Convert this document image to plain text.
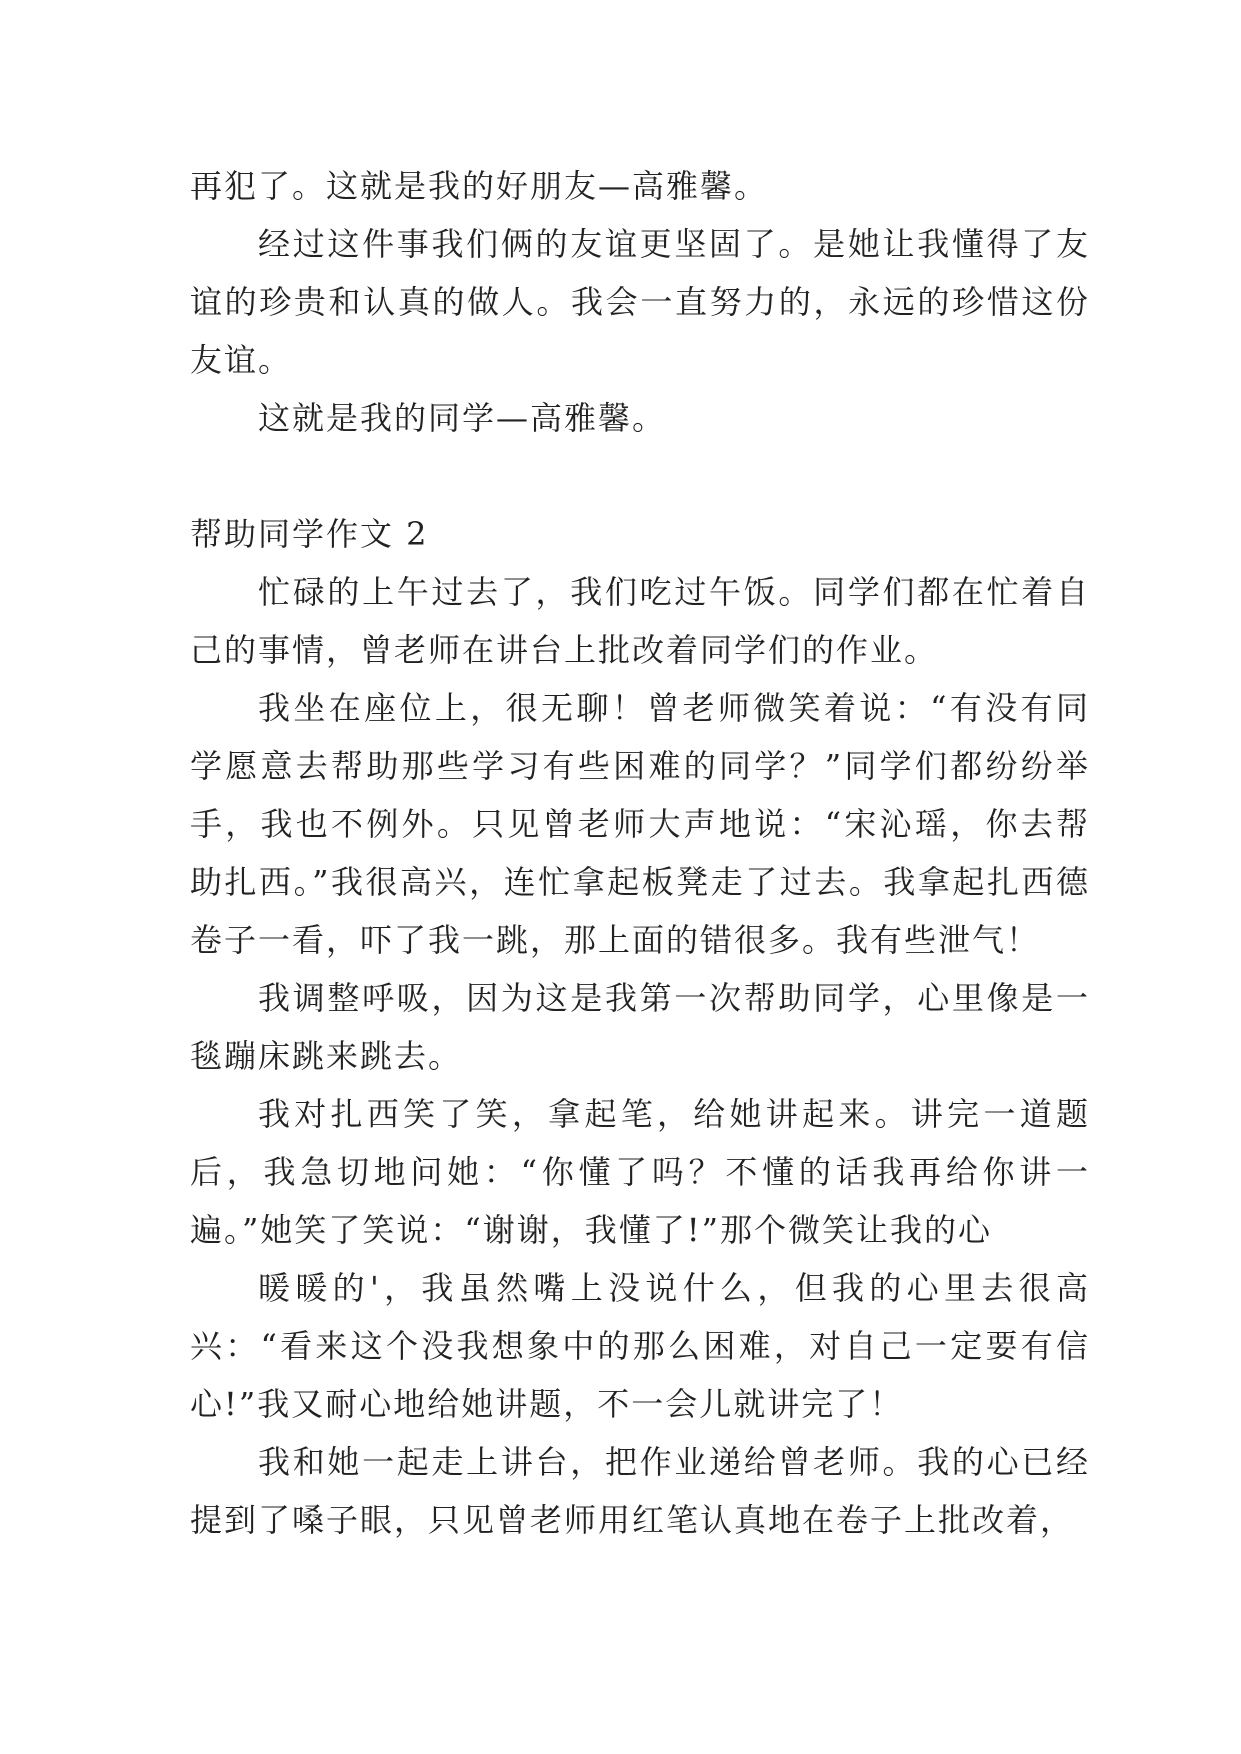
再犯了。这就是我的好朋友—高雅馨。

经过这件事我们俩的友谊更坚固了。是她让我懂得了友谊的珍贵和认真的做人。我会一直努力的，永远的珍惜这份友谊。

这就是我的同学—高雅馨。

帮助同学作文 2

忙碌的上午过去了，我们吃过午饭。同学们都在忙着自己的事情，曾老师在讲台上批改着同学们的作业。

我坐在座位上，很无聊！曾老师微笑着说：“有没有同学愿意去帮助那些学习有些困难的同学？”同学们都纷纷举手，我也不例外。只见曾老师大声地说：“宋沁瑶，你去帮助扎西。”我很高兴，连忙拿起板凳走了过去。我拿起扎西德卷子一看，吓了我一跳，那上面的错很多。我有些泄气！

我调整呼吸，因为这是我第一次帮助同学，心里像是一毯蹦床跳来跳去。

我对扎西笑了笑，拿起笔，给她讲起来。讲完一道题后，我急切地问她：“你懂了吗？不懂的话我再给你讲一遍。”她笑了笑说：“谢谢，我懂了!”那个微笑让我的心

暖暖的'，我虽然嘴上没说什么，但我的心里去很高兴：“看来这个没我想象中的那么困难，对自己一定要有信心!”我又耐心地给她讲题，不一会儿就讲完了！

我和她一起走上讲台，把作业递给曾老师。我的心已经提到了嗓子眼，只见曾老师用红笔认真地在卷子上批改着，
